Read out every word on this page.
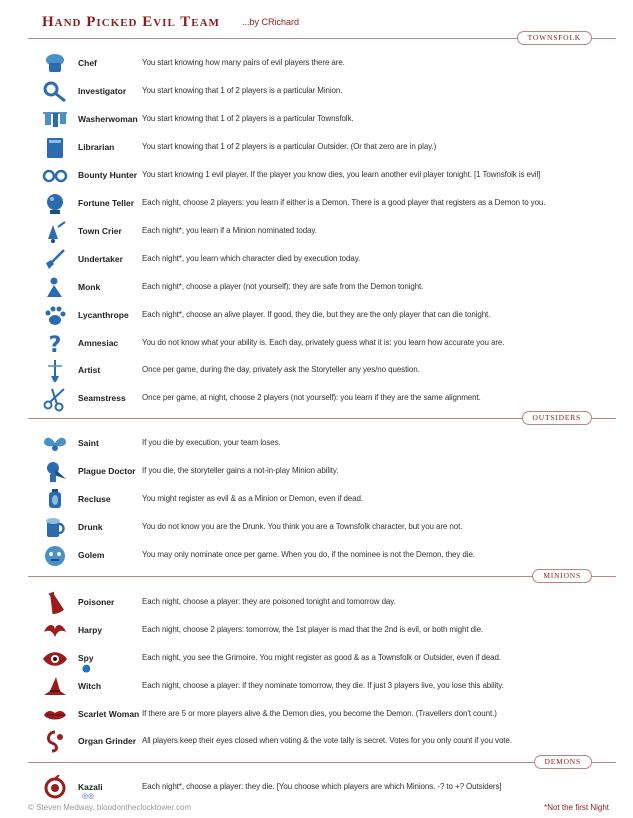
Hand Picked Evil Team ...by CRichard
TOWNSFOLK
OUTSIDERS
MINIONS
DEMONS
Chef	You start knowing how many pairs of evil players there are.
Investigator You start knowing that 1 of 2 players is a particular Minion.
Washerwoman You start knowing that 1 of 2 players is a particular Townsfolk.
Librarian	You start knowing that 1 of 2 players is a particular Outsider. (Or that zero are in play.)
Bounty Hunter You start knowing 1 evil player. If the player you know dies, you learn another evil player tonight. [1 Townsfolk is evil]
Fortune Teller Each night, choose 2 players: you learn if either is a Demon. There is a good player that registers as a Demon to you.
Town Crier	Each night*, you learn if a Minion nominated today.
Undertaker Each night*, you learn which character died by execution today.
Monk	Each night*, choose a player (not yourself): they are safe from the Demon tonight.
Lycanthrope Each night*, choose an alive player. If good, they die, but they are the only player that can die tonight.
? Amnesiac	You do not know what your ability is. Each day, privately guess what it is: you learn how accurate you are.
Artist	Once per game, during the day, privately ask the Storyteller any yes/no question.
Seamstress Once per game, at night, choose 2 players (not yourself): you learn if they are the same alignment.
Saint	If you die by execution, your team loses.
Plague Doctor If you die, the storyteller gains a not-in-play Minion ability.
Recluse	You might register as evil & as a Minion or Demon, even if dead.
Drunk	You do not know you are the Drunk. You think you are a Townsfolk character, but you are not.
Golem	You may only nominate once per game. When you do, if the nominee is not the Demon, they die.
Poisoner	Each night, choose a player: they are poisoned tonight and tomorrow day.
Harpy	Each night, choose 2 players: tomorrow, the 1st player is mad that the 2nd is evil, or both might die.
Spy	Each night, you see the Grimoire. You might register as good & as a Townsfolk or Outsider, even if dead.
🔵
Witch	Each night, choose a player: if they nominate tomorrow, they die. If just 3 players live, you lose this ability.
Scarlet Woman If there are 5 or more players alive & the Demon dies, you become the Demon. (Travellers don't count.)
Organ Grinder All players keep their eyes closed when voting & the vote tally is secret. Votes for you only count if you vote.
Kazali	Each night*, choose a player: they die. [You choose which players are which Minions. -? to +? Outsiders]
◎◎
© Steven Medway, bloodontheclocktower.com	*Not the first Night
